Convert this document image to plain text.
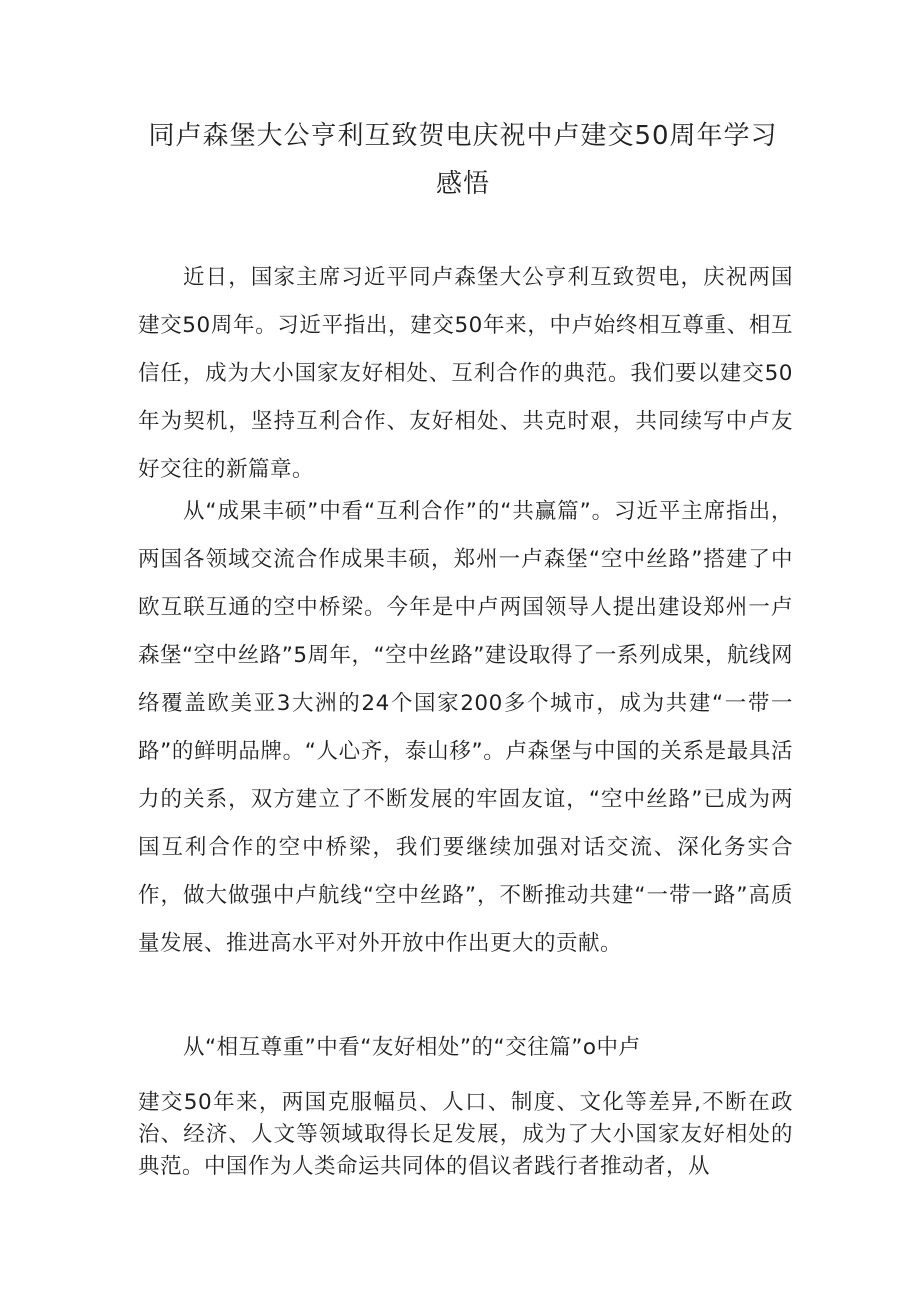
同卢森堡大公亨利互致贺电庆祝中卢建交50周年学习感悟

近日，国家主席习近平同卢森堡大公亨利互致贺电，庆祝两国建交50周年。习近平指出，建交50年来，中卢始终相互尊重、相互信任，成为大小国家友好相处、互利合作的典范。我们要以建交50年为契机，坚持互利合作、友好相处、共克时艰，共同续写中卢友好交往的新篇章。

从“成果丰硕”中看“互利合作”的“共赢篇”。习近平主席指出，两国各领域交流合作成果丰硕，郑州一卢森堡“空中丝路”搭建了中欧互联互通的空中桥梁。今年是中卢两国领导人提出建设郑州一卢森堡“空中丝路”5周年，“空中丝路”建设取得了一系列成果，航线网络覆盖欧美亚3大洲的24个国家200多个城市，成为共建“一带一路”的鲜明品牌。“人心齐，泰山移”。卢森堡与中国的关系是最具活力的关系，双方建立了不断发展的牢固友谊，“空中丝路”已成为两国互利合作的空中桥梁，我们要继续加强对话交流、深化务实合作，做大做强中卢航线“空中丝路”，不断推动共建“一带一路”高质量发展、推进高水平对外开放中作出更大的贡献。

从“相互尊重”中看“友好相处”的“交往篇”o中卢

建交50年来，两国克服幅员、人口、制度、文化等差异,不断在政治、经济、人文等领域取得长足发展，成为了大小国家友好相处的典范。中国作为人类命运共同体的倡议者践行者推动者，从
